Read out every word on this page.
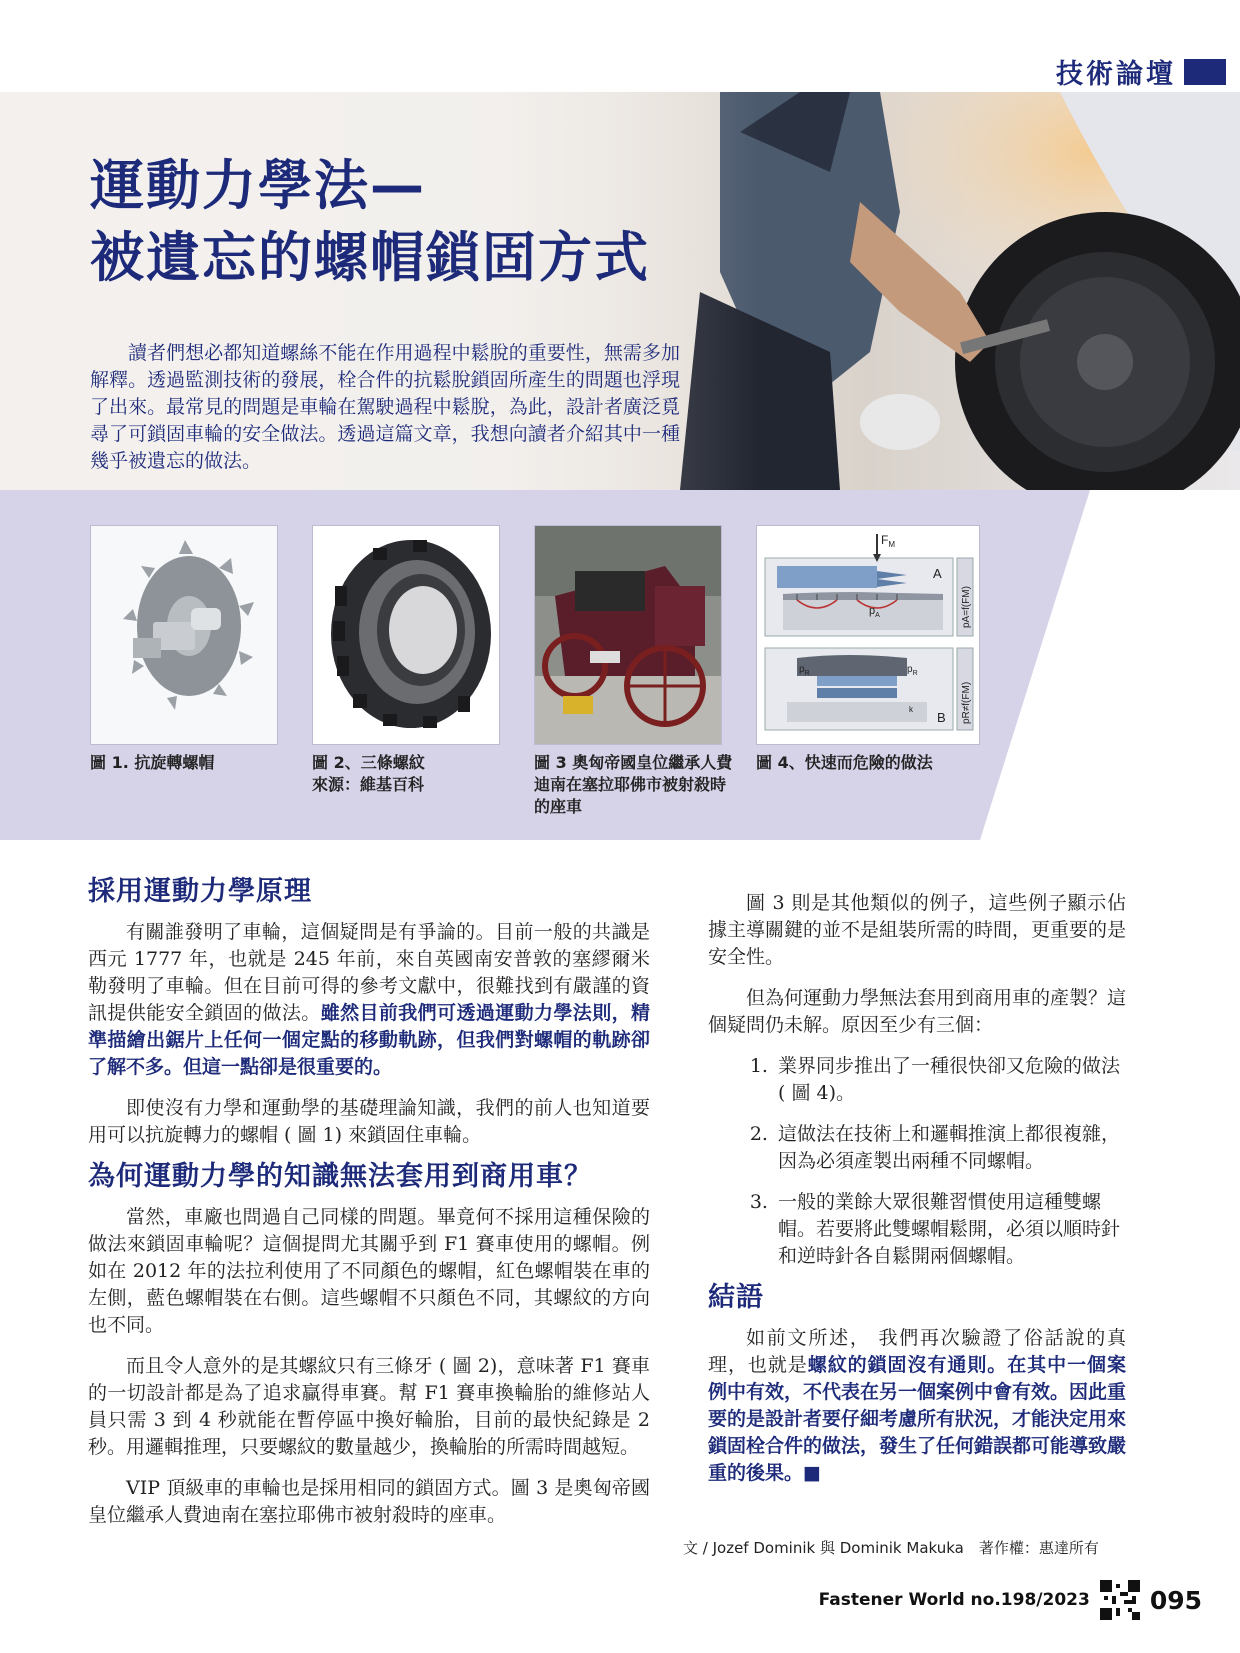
技術論壇
運動力學法—
被遺忘的螺帽鎖固方式

讀者們想必都知道螺絲不能在作用過程中鬆脫的重要性，無需多加解釋。透過監測技術的發展，栓合件的抗鬆脫鎖固所產生的問題也浮現了出來。最常見的問題是車輪在駕駛過程中鬆脫，為此，設計者廣泛覓尋了可鎖固車輪的安全做法。透過這篇文章，我想向讀者介紹其中一種幾乎被遺忘的做法。

圖 1. 抗旋轉螺帽	圖 2、三條螺紋
來源：維基百科
圖 3 奧匈帝國皇位繼承人費迪南在塞拉耶佛市被射殺時的座車
$F_M$
A
$p_A$	pA=f(FM)
$p_R$	$p_R$
k
B pR≠f(FM)
圖 4、快速而危險的做法
採用運動力學原理

有關誰發明了車輪，這個疑問是有爭論的。目前一般的共識是西元 1777 年，也就是 245 年前，來自英國南安普敦的塞繆爾米勒發明了車輪。但在目前可得的參考文獻中，很難找到有嚴謹的資訊提供能安全鎖固的做法。雖然目前我們可透過運動力學法則，精準描繪出鋸片上任何一個定點的移動軌跡，但我們對螺帽的軌跡卻了解不多。但這一點卻是很重要的。

即使沒有力學和運動學的基礎理論知識，我們的前人也知道要用可以抗旋轉力的螺帽 ( 圖 1) 來鎖固住車輪。

為何運動力學的知識無法套用到商用車？

當然，車廠也問過自己同樣的問題。畢竟何不採用這種保險的做法來鎖固車輪呢？這個提問尤其關乎到 F1 賽車使用的螺帽。例如在 2012 年的法拉利使用了不同顏色的螺帽，紅色螺帽裝在車的左側，藍色螺帽裝在右側。這些螺帽不只顏色不同，其螺紋的方向也不同。

而且令人意外的是其螺紋只有三條牙 ( 圖 2)，意味著 F1 賽車的一切設計都是為了追求贏得車賽。幫 F1 賽車換輪胎的維修站人員只需 3 到 4 秒就能在暫停區中換好輪胎，目前的最快紀錄是 2 秒。用邏輯推理，只要螺紋的數量越少，換輪胎的所需時間越短。

VIP 頂級車的車輪也是採用相同的鎖固方式。圖 3 是奧匈帝國皇位繼承人費迪南在塞拉耶佛市被射殺時的座車。

圖 3 則是其他類似的例子，這些例子顯示佔據主導關鍵的並不是組裝所需的時間，更重要的是安全性。

但為何運動力學無法套用到商用車的產製？這個疑問仍未解。原因至少有三個：

1. 業界同步推出了一種很快卻又危險的做法 ( 圖 4)。
2. 這做法在技術上和邏輯推演上都很複雜，因為必須產製出兩種不同螺帽。
3. 一般的業餘大眾很難習慣使用這種雙螺帽。若要將此雙螺帽鬆開，必須以順時針和逆時針各自鬆開兩個螺帽。
結語

如前文所述， 我們再次驗證了俗話說的真理，也就是螺紋的鎖固沒有通則。在其中一個案例中有效，不代表在另一個案例中會有效。因此重要的是設計者要仔細考慮所有狀況，才能決定用來鎖固栓合件的做法，發生了任何錯誤都可能導致嚴重的後果。■

文 / Jozef Dominik 與 Dominik Makuka　著作權：惠達所有
Fastener World no.198/2023 095
